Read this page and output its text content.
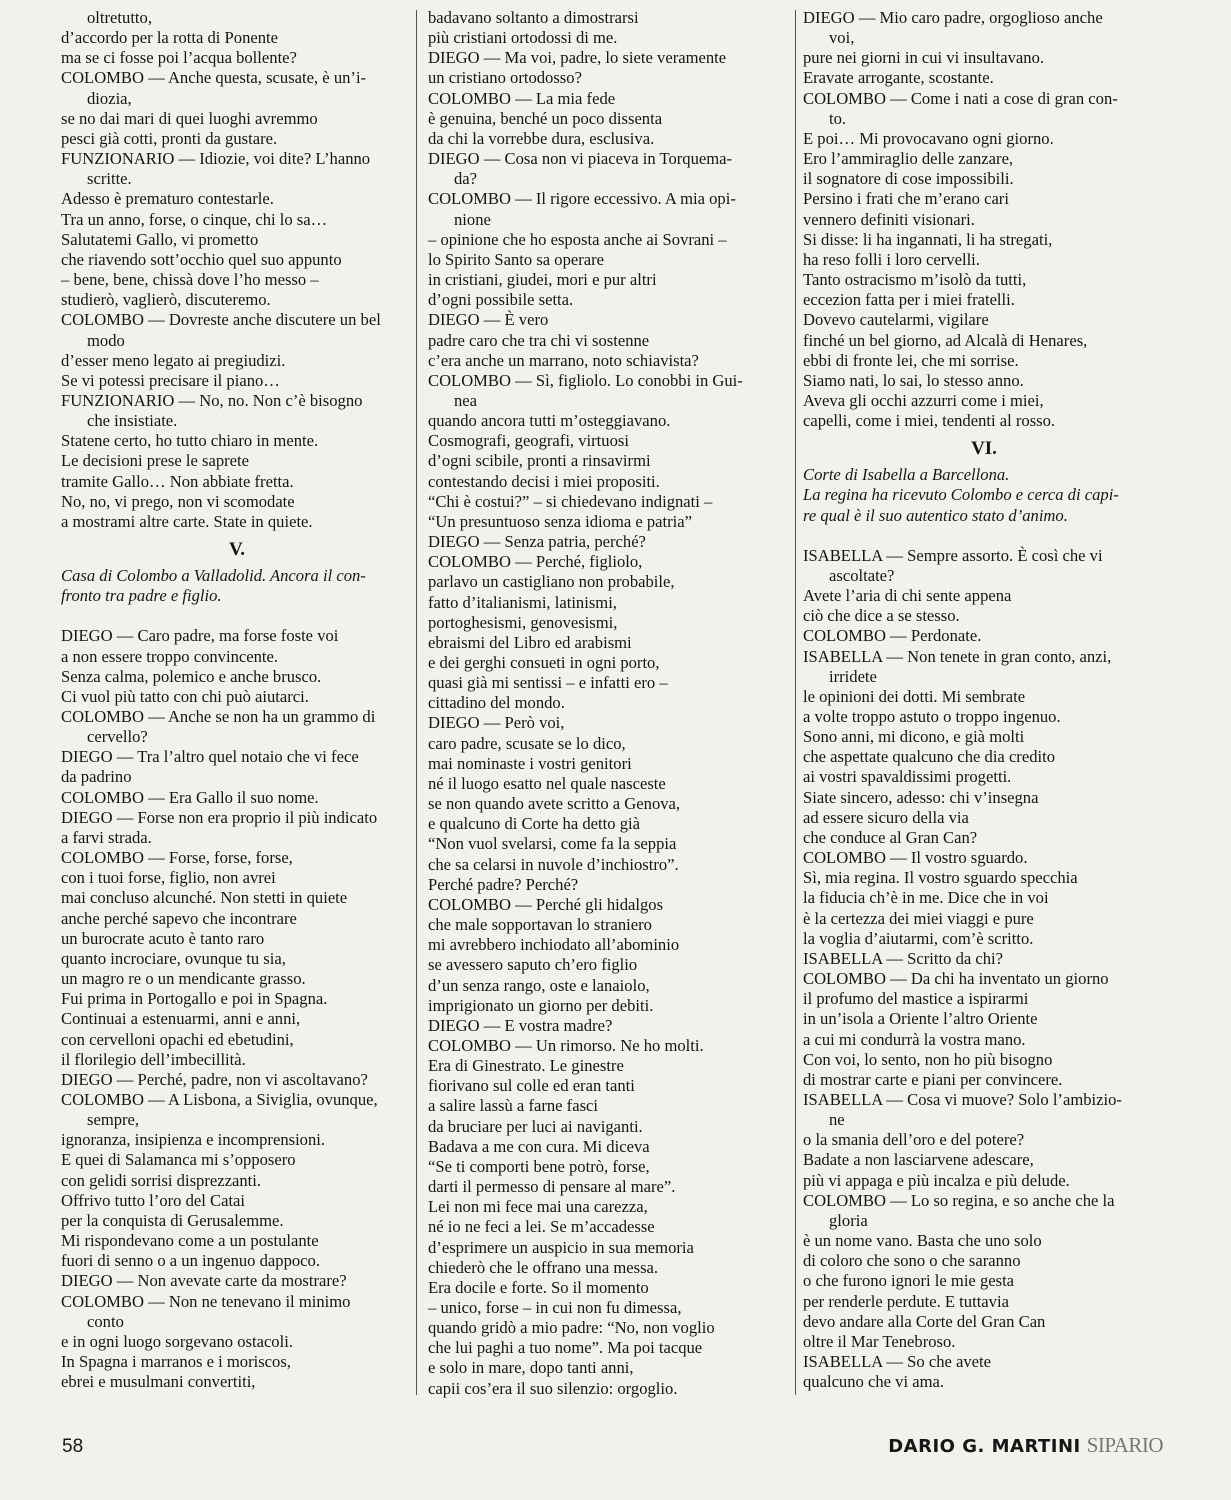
oltretutto,
d’accordo per la rotta di Ponente
ma se ci fosse poi l’acqua bollente?
COLOMBO — Anche questa, scusate, è un’i-
diozia,
se no dai mari di quei luoghi avremmo
pesci già cotti, pronti da gustare.
FUNZIONARIO — Idiozie, voi dite? L’hanno
scritte.
Adesso è prematuro contestarle.
Tra un anno, forse, o cinque, chi lo sa…
Salutatemi Gallo, vi prometto
che riavendo sott’occhio quel suo appunto
– bene, bene, chissà dove l’ho messo –
studierò, vaglierò, discuteremo.
COLOMBO — Dovreste anche discutere un bel
modo
d’esser meno legato ai pregiudizi.
Se vi potessi precisare il piano…
FUNZIONARIO — No, no. Non c’è bisogno
che insistiate.
Statene certo, ho tutto chiaro in mente.
Le decisioni prese le saprete
tramite Gallo… Non abbiate fretta.
No, no, vi prego, non vi scomodate
a mostrami altre carte. State in quiete.
V.
Casa di Colombo a Valladolid. Ancora il con-
fronto tra padre e figlio.
DIEGO — Caro padre, ma forse foste voi
a non essere troppo convincente.
Senza calma, polemico e anche brusco.
Ci vuol più tatto con chi può aiutarci.
COLOMBO — Anche se non ha un grammo di
cervello?
DIEGO — Tra l’altro quel notaio che vi fece
da padrino
COLOMBO — Era Gallo il suo nome.
DIEGO — Forse non era proprio il più indicato
a farvi strada.
COLOMBO — Forse, forse, forse,
con i tuoi forse, figlio, non avrei
mai concluso alcunché. Non stetti in quiete
anche perché sapevo che incontrare
un burocrate acuto è tanto raro
quanto incrociare, ovunque tu sia,
un magro re o un mendicante grasso.
Fui prima in Portogallo e poi in Spagna.
Continuai a estenuarmi, anni e anni,
con cervelloni opachi ed ebetudini,
il florilegio dell’imbecillità.
DIEGO — Perché, padre, non vi ascoltavano?
COLOMBO — A Lisbona, a Siviglia, ovunque,
sempre,
ignoranza, insipienza e incomprensioni.
E quei di Salamanca mi s’opposero
con gelidi sorrisi disprezzanti.
Offrivo tutto l’oro del Catai
per la conquista di Gerusalemme.
Mi rispondevano come a un postulante
fuori di senno o a un ingenuo dappoco.
DIEGO — Non avevate carte da mostrare?
COLOMBO — Non ne tenevano il minimo
conto
e in ogni luogo sorgevano ostacoli.
In Spagna i marranos e i moriscos,
ebrei e musulmani convertiti,
badavano soltanto a dimostrarsi
più cristiani ortodossi di me.
DIEGO — Ma voi, padre, lo siete veramente
un cristiano ortodosso?
COLOMBO — La mia fede
è genuina, benché un poco dissenta
da chi la vorrebbe dura, esclusiva.
DIEGO — Cosa non vi piaceva in Torquema-
da?
COLOMBO — Il rigore eccessivo. A mia opi-
nione
– opinione che ho esposta anche ai Sovrani –
lo Spirito Santo sa operare
in cristiani, giudei, mori e pur altri
d’ogni possibile setta.
DIEGO — È vero
padre caro che tra chi vi sostenne
c’era anche un marrano, noto schiavista?
COLOMBO — Sì, figliolo. Lo conobbi in Gui-
nea
quando ancora tutti m’osteggiavano.
Cosmografi, geografi, virtuosi
d’ogni scibile, pronti a rinsavirmi
contestando decisi i miei propositi.
“Chi è costui?” – si chiedevano indignati –
“Un presuntuoso senza idioma e patria”
DIEGO — Senza patria, perché?
COLOMBO — Perché, figliolo,
parlavo un castigliano non probabile,
fatto d’italianismi, latinismi,
portoghesismi, genovesismi,
ebraismi del Libro ed arabismi
e dei gerghi consueti in ogni porto,
quasi già mi sentissi – e infatti ero –
cittadino del mondo.
DIEGO — Però voi,
caro padre, scusate se lo dico,
mai nominaste i vostri genitori
né il luogo esatto nel quale nasceste
se non quando avete scritto a Genova,
e qualcuno di Corte ha detto già
“Non vuol svelarsi, come fa la seppia
che sa celarsi in nuvole d’inchiostro”.
Perché padre? Perché?
COLOMBO — Perché gli hidalgos
che male sopportavan lo straniero
mi avrebbero inchiodato all’abominio
se avessero saputo ch’ero figlio
d’un senza rango, oste e lanaiolo,
imprigionato un giorno per debiti.
DIEGO — E vostra madre?
COLOMBO — Un rimorso. Ne ho molti.
Era di Ginestrato. Le ginestre
fiorivano sul colle ed eran tanti
a salire lassù a farne fasci
da bruciare per luci ai naviganti.
Badava a me con cura. Mi diceva
“Se ti comporti bene potrò, forse,
darti il permesso di pensare al mare”.
Lei non mi fece mai una carezza,
né io ne feci a lei. Se m’accadesse
d’esprimere un auspicio in sua memoria
chiederò che le offrano una messa.
Era docile e forte. So il momento
– unico, forse – in cui non fu dimessa,
quando gridò a mio padre: “No, non voglio
che lui paghi a tuo nome”. Ma poi tacque
e solo in mare, dopo tanti anni,
capii cos’era il suo silenzio: orgoglio.
DIEGO — Mio caro padre, orgoglioso anche
voi,
pure nei giorni in cui vi insultavano.
Eravate arrogante, scostante.
COLOMBO — Come i nati a cose di gran con-
to.
E poi… Mi provocavano ogni giorno.
Ero l’ammiraglio delle zanzare,
il sognatore di cose impossibili.
Persino i frati che m’erano cari
vennero definiti visionari.
Si disse: li ha ingannati, li ha stregati,
ha reso folli i loro cervelli.
Tanto ostracismo m’isolò da tutti,
eccezion fatta per i miei fratelli.
Dovevo cautelarmi, vigilare
finché un bel giorno, ad Alcalà di Henares,
ebbi di fronte lei, che mi sorrise.
Siamo nati, lo sai, lo stesso anno.
Aveva gli occhi azzurri come i miei,
capelli, come i miei, tendenti al rosso.
VI.
Corte di Isabella a Barcellona.
La regina ha ricevuto Colombo e cerca di capi-
re qual è il suo autentico stato d’animo.
ISABELLA — Sempre assorto. È così che vi
ascoltate?
Avete l’aria di chi sente appena
ciò che dice a se stesso.
COLOMBO — Perdonate.
ISABELLA — Non tenete in gran conto, anzi,
irridete
le opinioni dei dotti. Mi sembrate
a volte troppo astuto o troppo ingenuo.
Sono anni, mi dicono, e già molti
che aspettate qualcuno che dia credito
ai vostri spavaldissimi progetti.
Siate sincero, adesso: chi v’insegna
ad essere sicuro della via
che conduce al Gran Can?
COLOMBO — Il vostro sguardo.
Sì, mia regina. Il vostro sguardo specchia
la fiducia ch’è in me. Dice che in voi
è la certezza dei miei viaggi e pure
la voglia d’aiutarmi, com’è scritto.
ISABELLA — Scritto da chi?
COLOMBO — Da chi ha inventato un giorno
il profumo del mastice a ispirarmi
in un’isola a Oriente l’altro Oriente
a cui mi condurrà la vostra mano.
Con voi, lo sento, non ho più bisogno
di mostrar carte e piani per convincere.
ISABELLA — Cosa vi muove? Solo l’ambizio-
ne
o la smania dell’oro e del potere?
Badate a non lasciarvene adescare,
più vi appaga e più incalza e più delude.
COLOMBO — Lo so regina, e so anche che la
gloria
è un nome vano. Basta che uno solo
di coloro che sono o che saranno
o che furono ignori le mie gesta
per renderle perdute. E tuttavia
devo andare alla Corte del Gran Can
oltre il Mar Tenebroso.
ISABELLA — So che avete
qualcuno che vi ama.
58	DARIO G. MARTINI SIPARIO
